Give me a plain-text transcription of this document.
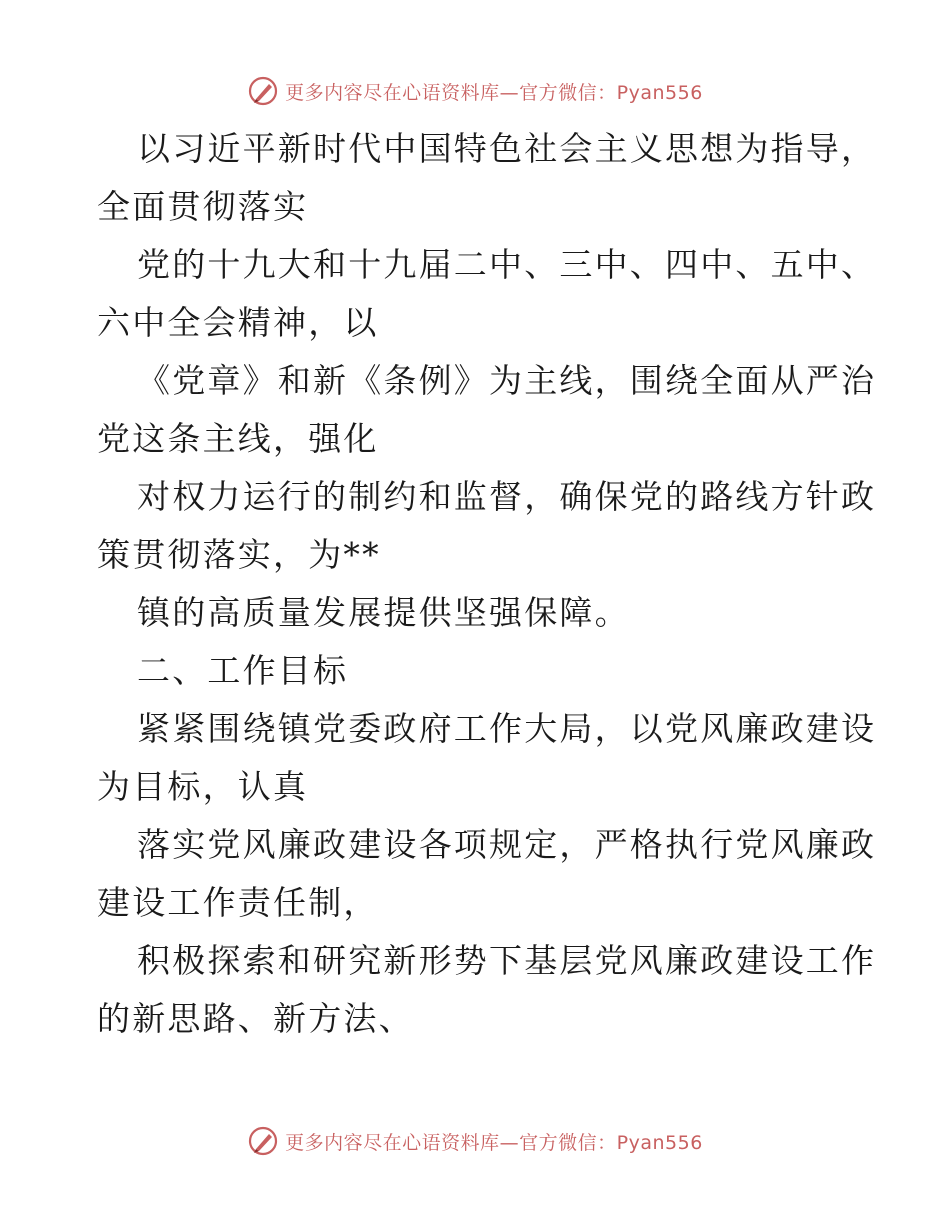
更多内容尽在心语资料库—官方微信：Pyan556

以习近平新时代中国特色社会主义思想为指导，

全面贯彻落实

党的十九大和十九届二中、三中、四中、五中、

六中全会精神，以

《党章》和新《条例》为主线，围绕全面从严治

党这条主线，强化

对权力运行的制约和监督，确保党的路线方针政

策贯彻落实，为**

镇的高质量发展提供坚强保障。

二、工作目标

紧紧围绕镇党委政府工作大局，以党风廉政建设

为目标，认真

落实党风廉政建设各项规定，严格执行党风廉政

建设工作责任制，

积极探索和研究新形势下基层党风廉政建设工作

的新思路、新方法、

更多内容尽在心语资料库—官方微信：Pyan556
